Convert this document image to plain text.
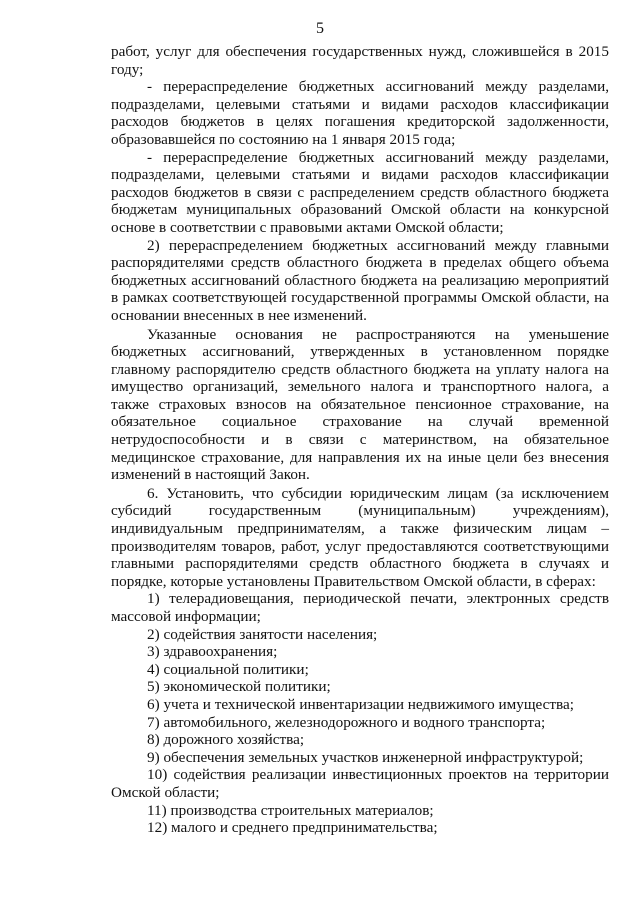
5

работ, услуг для обеспечения государственных нужд, сложившейся в 2015 году;

- перераспределение бюджетных ассигнований между разделами, подразделами, целевыми статьями и видами расходов классификации расходов бюджетов в целях погашения кредиторской задолженности, образовавшейся по состоянию на 1 января 2015 года;

- перераспределение бюджетных ассигнований между разделами, подразделами, целевыми статьями и видами расходов классификации расходов бюджетов в связи с распределением средств областного бюджета бюджетам муниципальных образований Омской области на конкурсной основе в соответствии с правовыми актами Омской области;

2) перераспределением бюджетных ассигнований между главными распорядителями средств областного бюджета в пределах общего объема бюджетных ассигнований областного бюджета на реализацию мероприятий в рамках соответствующей государственной программы Омской области, на основании внесенных в нее изменений.

Указанные основания не распространяются на уменьшение бюджетных ассигнований, утвержденных в установленном порядке главному распорядителю средств областного бюджета на уплату налога на имущество организаций, земельного налога и транспортного налога, а также страховых взносов на обязательное пенсионное страхование, на обязательное социальное страхование на случай временной нетрудоспособности и в связи с материнством, на обязательное медицинское страхование, для направления их на иные цели без внесения изменений в настоящий Закон.

6. Установить, что субсидии юридическим лицам (за исключением субсидий государственным (муниципальным) учреждениям), индивидуальным предпринимателям, а также физическим лицам – производителям товаров, работ, услуг предоставляются соответствующими главными распорядителями средств областного бюджета в случаях и порядке, которые установлены Правительством Омской области, в сферах:

1) телерадиовещания, периодической печати, электронных средств массовой информации;

2) содействия занятости населения;

3) здравоохранения;

4) социальной политики;

5) экономической политики;

6) учета и технической инвентаризации недвижимого имущества;

7) автомобильного, железнодорожного и водного транспорта;

8) дорожного хозяйства;

9) обеспечения земельных участков инженерной инфраструктурой;

10) содействия реализации инвестиционных проектов на территории Омской области;

11) производства строительных материалов;

12) малого и среднего предпринимательства;
